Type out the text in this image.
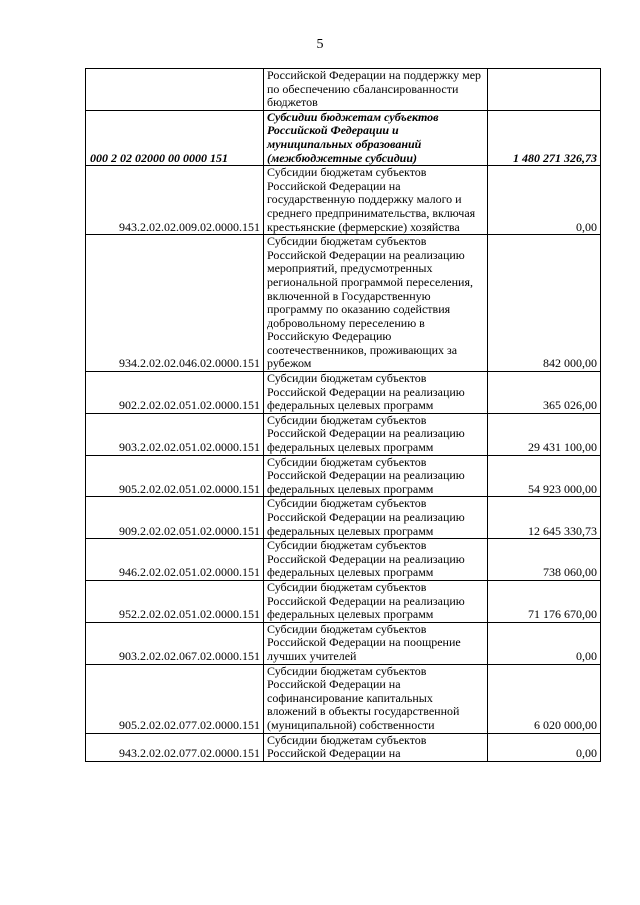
5
	Российской Федерации на поддержку мер по обеспечению сбалансированности бюджетов	
000 2 02 02000 00 0000 151	Субсидии бюджетам субъектов Российской Федерации и муниципальных образований (межбюджетные субсидии)	1 480 271 326,73
943.2.02.02.009.02.0000.151	Субсидии бюджетам субъектов Российской Федерации на государственную поддержку малого и среднего предпринимательства, включая крестьянские (фермерские) хозяйства	0,00
934.2.02.02.046.02.0000.151	Субсидии бюджетам субъектов Российской Федерации на реализацию мероприятий, предусмотренных региональной программой переселения, включенной в Государственную программу по оказанию содействия добровольному переселению в Российскую Федерацию соотечественников, проживающих за рубежом	842 000,00
902.2.02.02.051.02.0000.151	Субсидии бюджетам субъектов Российской Федерации на реализацию федеральных целевых программ	365 026,00
903.2.02.02.051.02.0000.151	Субсидии бюджетам субъектов Российской Федерации на реализацию федеральных целевых программ	29 431 100,00
905.2.02.02.051.02.0000.151	Субсидии бюджетам субъектов Российской Федерации на реализацию федеральных целевых программ	54 923 000,00
909.2.02.02.051.02.0000.151	Субсидии бюджетам субъектов Российской Федерации на реализацию федеральных целевых программ	12 645 330,73
946.2.02.02.051.02.0000.151	Субсидии бюджетам субъектов Российской Федерации на реализацию федеральных целевых программ	738 060,00
952.2.02.02.051.02.0000.151	Субсидии бюджетам субъектов Российской Федерации на реализацию федеральных целевых программ	71 176 670,00
903.2.02.02.067.02.0000.151	Субсидии бюджетам субъектов Российской Федерации на поощрение лучших учителей	0,00
905.2.02.02.077.02.0000.151	Субсидии бюджетам субъектов Российской Федерации на софинансирование капитальных вложений в объекты государственной (муниципальной) собственности	6 020 000,00
943.2.02.02.077.02.0000.151	Субсидии бюджетам субъектов Российской Федерации на	0,00
